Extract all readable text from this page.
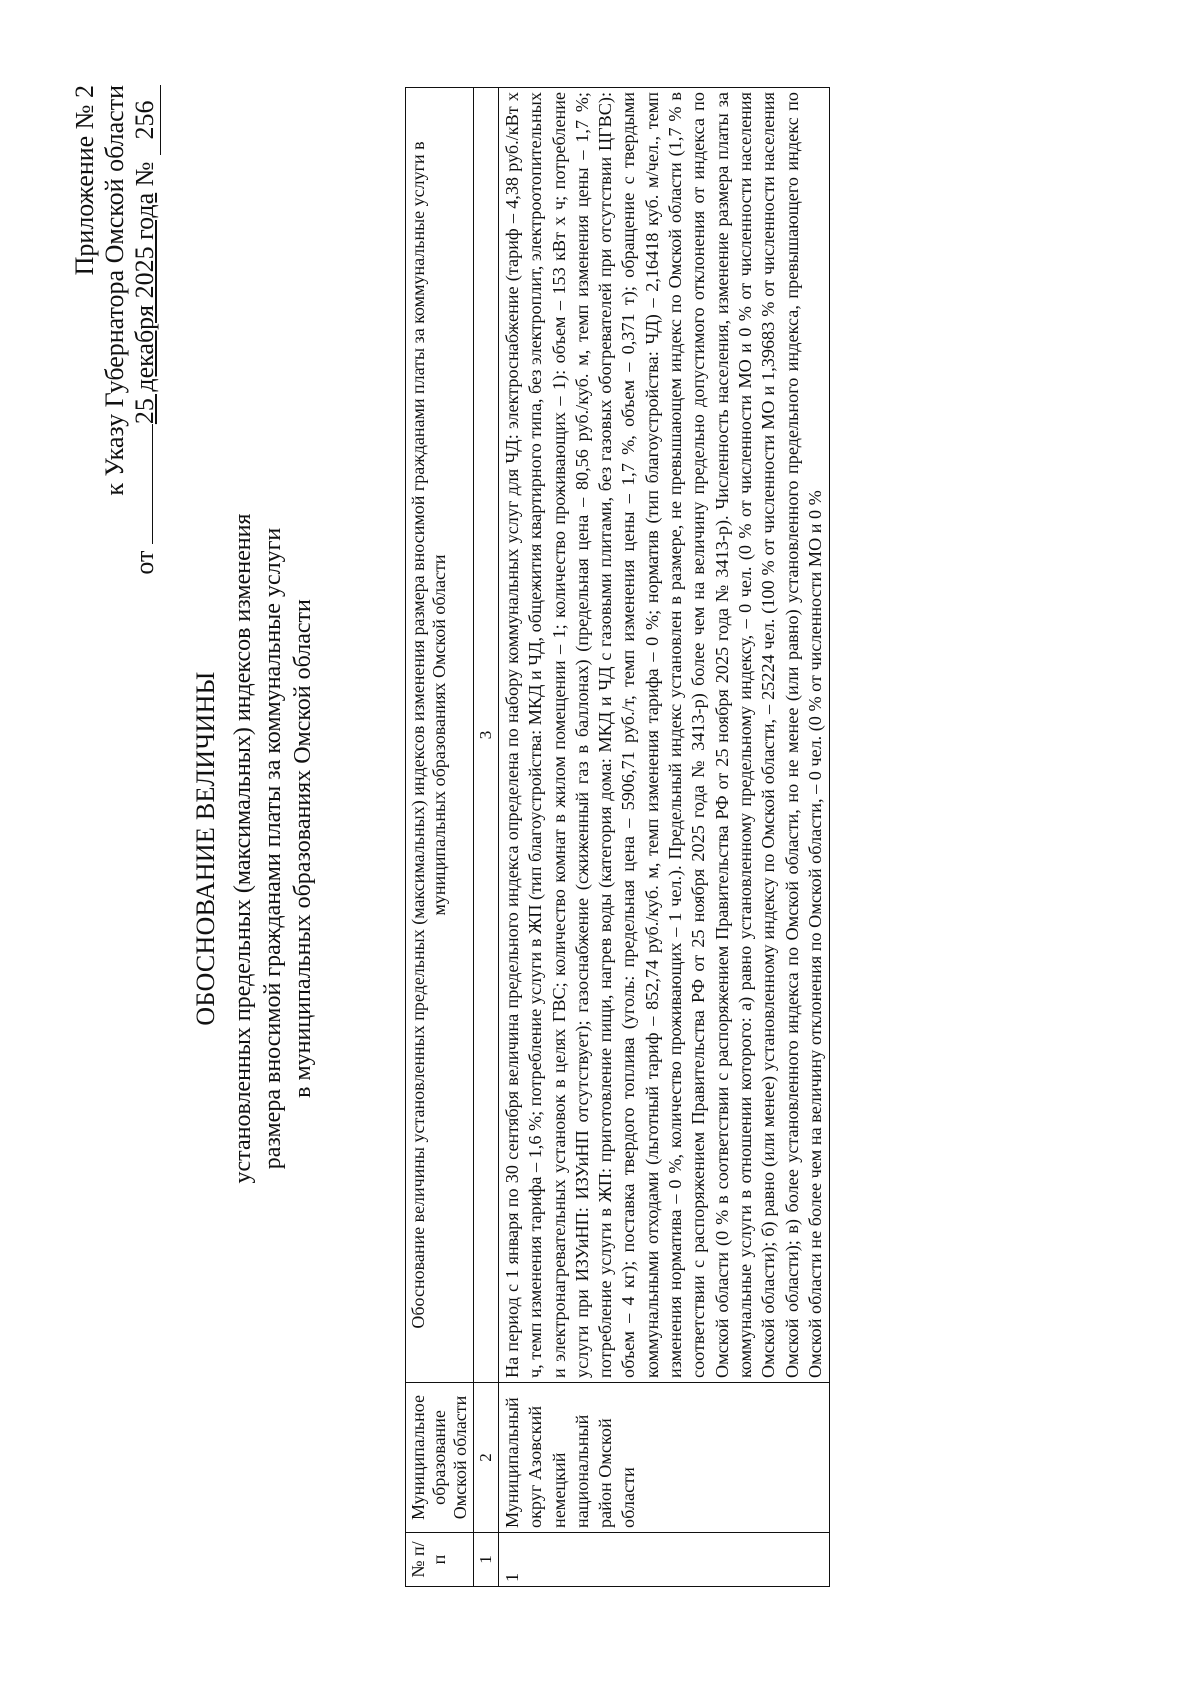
Приложение № 2 к Указу Губернатора Омской области
от

25 декабря 2025 года

№

256
ОБОСНОВАНИЕ ВЕЛИЧИНЫ установленных предельных (максимальных) индексов изменения размера вносимой гражданами платы за коммунальные услуги в муниципальных образованиях Омской области
№ п/п	Муниципальное образование Омской области	Обоснование величины установленных предельных (максимальных) индексов изменения размера вносимой гражданами платы за коммунальные услуги в муниципальных образованиях Омской области
1	2	3
1	Муниципальный округ Азовский немецкий национальный район Омской области	На период с 1 января по 30 сентября величина предельного индекса определена по набору коммунальных услуг для ЧД: электроснабжение (тариф – 4,38 руб./кВт х ч, темп изменения тарифа – 1,6 %; потребление услуги в ЖП (тип благоустройства: МКД и ЧД, общежития квартирного типа, без электроплит, электроотопительных и электронагревательных установок в целях ГВС; количество комнат в жилом помещении – 1; количество проживающих – 1): объем – 153 кВт х ч; потребление услуги при ИЗУиНП: ИЗУиНП отсутствует); газоснабжение (сжиженный газ в баллонах) (предельная цена – 80,56 руб./куб. м, темп изменения цены – 1,7 %; потребление услуги в ЖП: приготовление пищи, нагрев воды (категория дома: МКД и ЧД с газовыми плитами, без газовых обогревателей при отсутствии ЦГВС): объем – 4 кг); поставка твердого топлива (уголь: предельная цена – 5906,71 руб./т, темп изменения цены – 1,7 %, объем – 0,371 т); обращение с твердыми коммунальными отходами (льготный тариф – 852,74 руб./куб. м, темп изменения тарифа – 0 %; норматив (тип благоустройства: ЧД) – 2,16418 куб. м/чел., темп изменения норматива – 0 %, количество проживающих – 1 чел.). Предельный индекс установлен в размере, не превышающем индекс по Омской области (1,7 % в соответствии с распоряжением Правительства РФ от 25 ноября 2025 года № 3413-р) более чем на величину предельно допустимого отклонения от индекса по Омской области (0 % в соответствии с распоряжением Правительства РФ от 25 ноября 2025 года № 3413-р). Численность населения, изменение размера платы за коммунальные услуги в отношении которого: а) равно установленному предельному индексу, – 0 чел. (0 % от численности МО и 0 % от численности населения Омской области); б) равно (или менее) установленному индексу по Омской области, – 25224 чел. (100 % от численности МО и 1,39683 % от численности населения Омской области); в) более установленного индекса по Омской области, но не менее (или равно) установленного предельного индекса, превышающего индекс по Омской области не более чем на величину отклонения по Омской области, – 0 чел. (0 % от численности МО и 0 %
